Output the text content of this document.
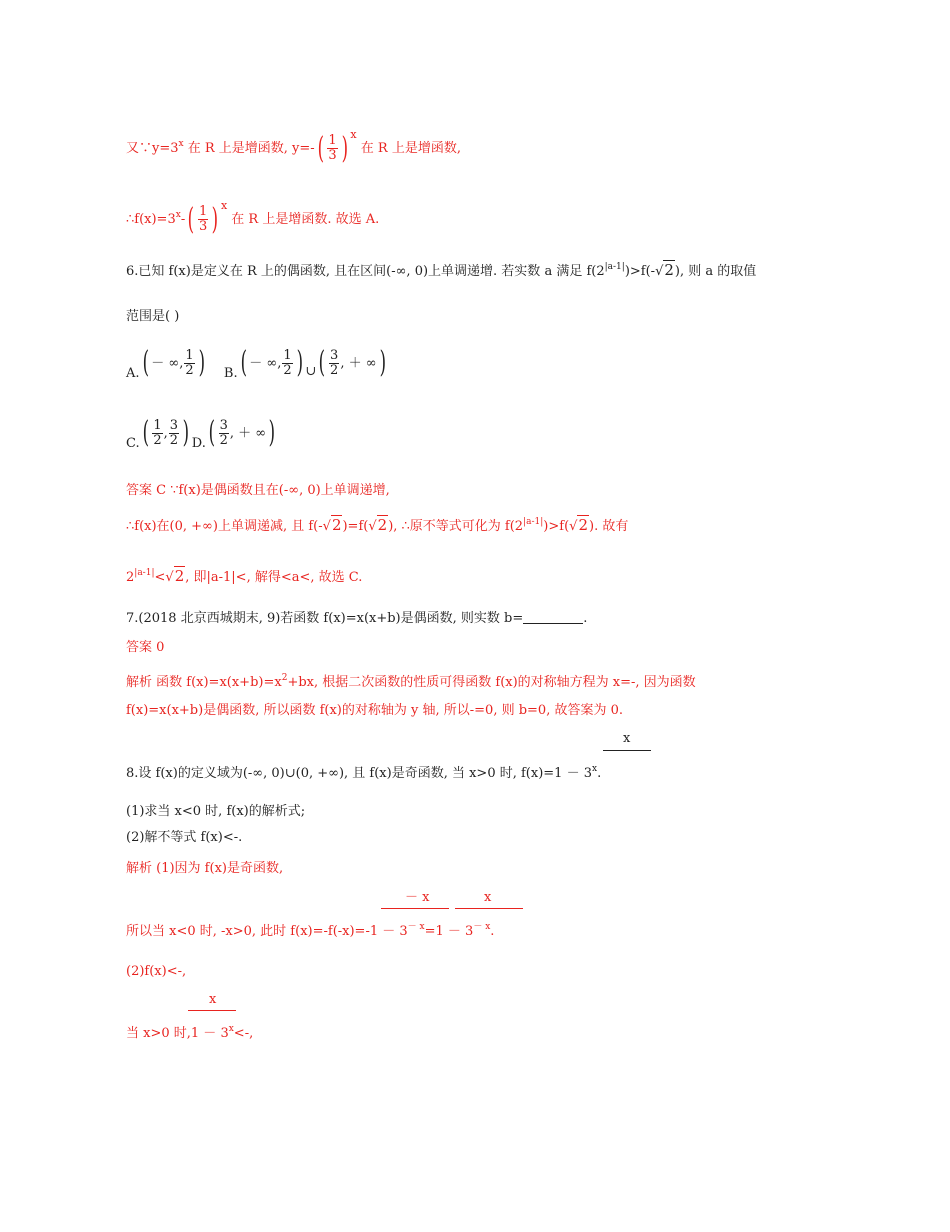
又$\because y=3^x$ 在 R 上是增函数, $y=-( \frac{1}{3}$ ) $^x$ 在 R 上是增函数,
$\therefore f(x)=3^x-( \frac{1}{3}$ ) $^x$ 在 R 上是增函数. 故选 A.
6.已知 f(x)是定义在 R 上的偶函数, 且在区间(-∞, 0)上单调递增. 若实数 a 满足 $f(2^{|a-1|})>f(-√2)$, 则 a 的取值
范围是( )
A.( － ∞, $\frac{1}{2}$ ) B.( － ∞, $\frac{1}{2}$ ) ∪( $\frac{3}{2}$ , ＋ ∞)
$C.( \frac{1}{2}$ , $\frac{3}{2}$ ) $D.( \frac{3}{2}$ , ＋ ∞)
答案 C ∵f(x)是偶函数且在(-∞, 0)上单调递增,
∴f(x)在(0, +∞)上单调递减, 且 f(-√2)=f(√2), ∴原不等式可化为 $f(2^{|a-1|})>f(√2)$. 故有
$2^{|a-1|}<√2$, 即|a-1|<, 解得<a<, 故选 C.
7.(2018 北京西城期末, 9)若函数 f(x)=x(x+b)是偶函数, 则实数 b=	.
答案 0
解析 函数 $f(x)=x(x+b)=x^2+bx$, 根据二次函数的性质可得函数 f(x)的对称轴方程为 x=-, 因为函数
f(x)=x(x+b)是偶函数, 所以函数 f(x)的对称轴为 y 轴, 所以-=0, 则 b=0, 故答案为 0.
x
8.设 f(x)的定义域为(-∞, 0)∪(0, +∞), 且 f(x)是奇函数, 当 x>0 时, $f(x)=1 - 3^x$.
(1)求当 x<0 时, f(x)的解析式;
(2)解不等式 f(x)<-.
解析 (1)因为 f(x)是奇函数,
－ x	x
所以当 x<0 时, -x>0, 此时 $f(x)=-f(-x)=-1 - 3^{- x}=1 - 3^{- x}$.
(2)f(x)<-,
x
当 x>0 时$,1 - 3^x<-$,
